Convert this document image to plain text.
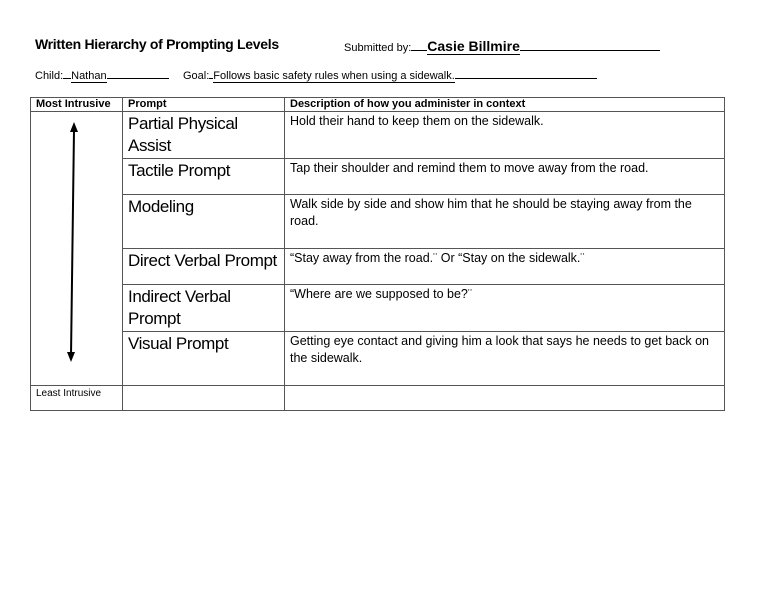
Written Hierarchy of Prompting Levels	Submitted by: Casie Billmire
Child: Nathan	Goal: Follows basic safety rules when using a sidewalk.
Most Intrusive	Prompt	Description of how you administer in context

	Partial Physical Assist	Hold their hand to keep them on the sidewalk.
	Tactile Prompt	Tap their shoulder and remind them to move away from the road.
	Modeling	Walk side by side and show him that he should be staying away from the road.
	Direct Verbal Prompt	“Stay away from the road.¨ Or “Stay on the sidewalk.¨
	Indirect Verbal Prompt	“Where are we supposed to be?¨
	Visual Prompt	Getting eye contact and giving him a look that says he needs to get back on the sidewalk.
Least Intrusive		
